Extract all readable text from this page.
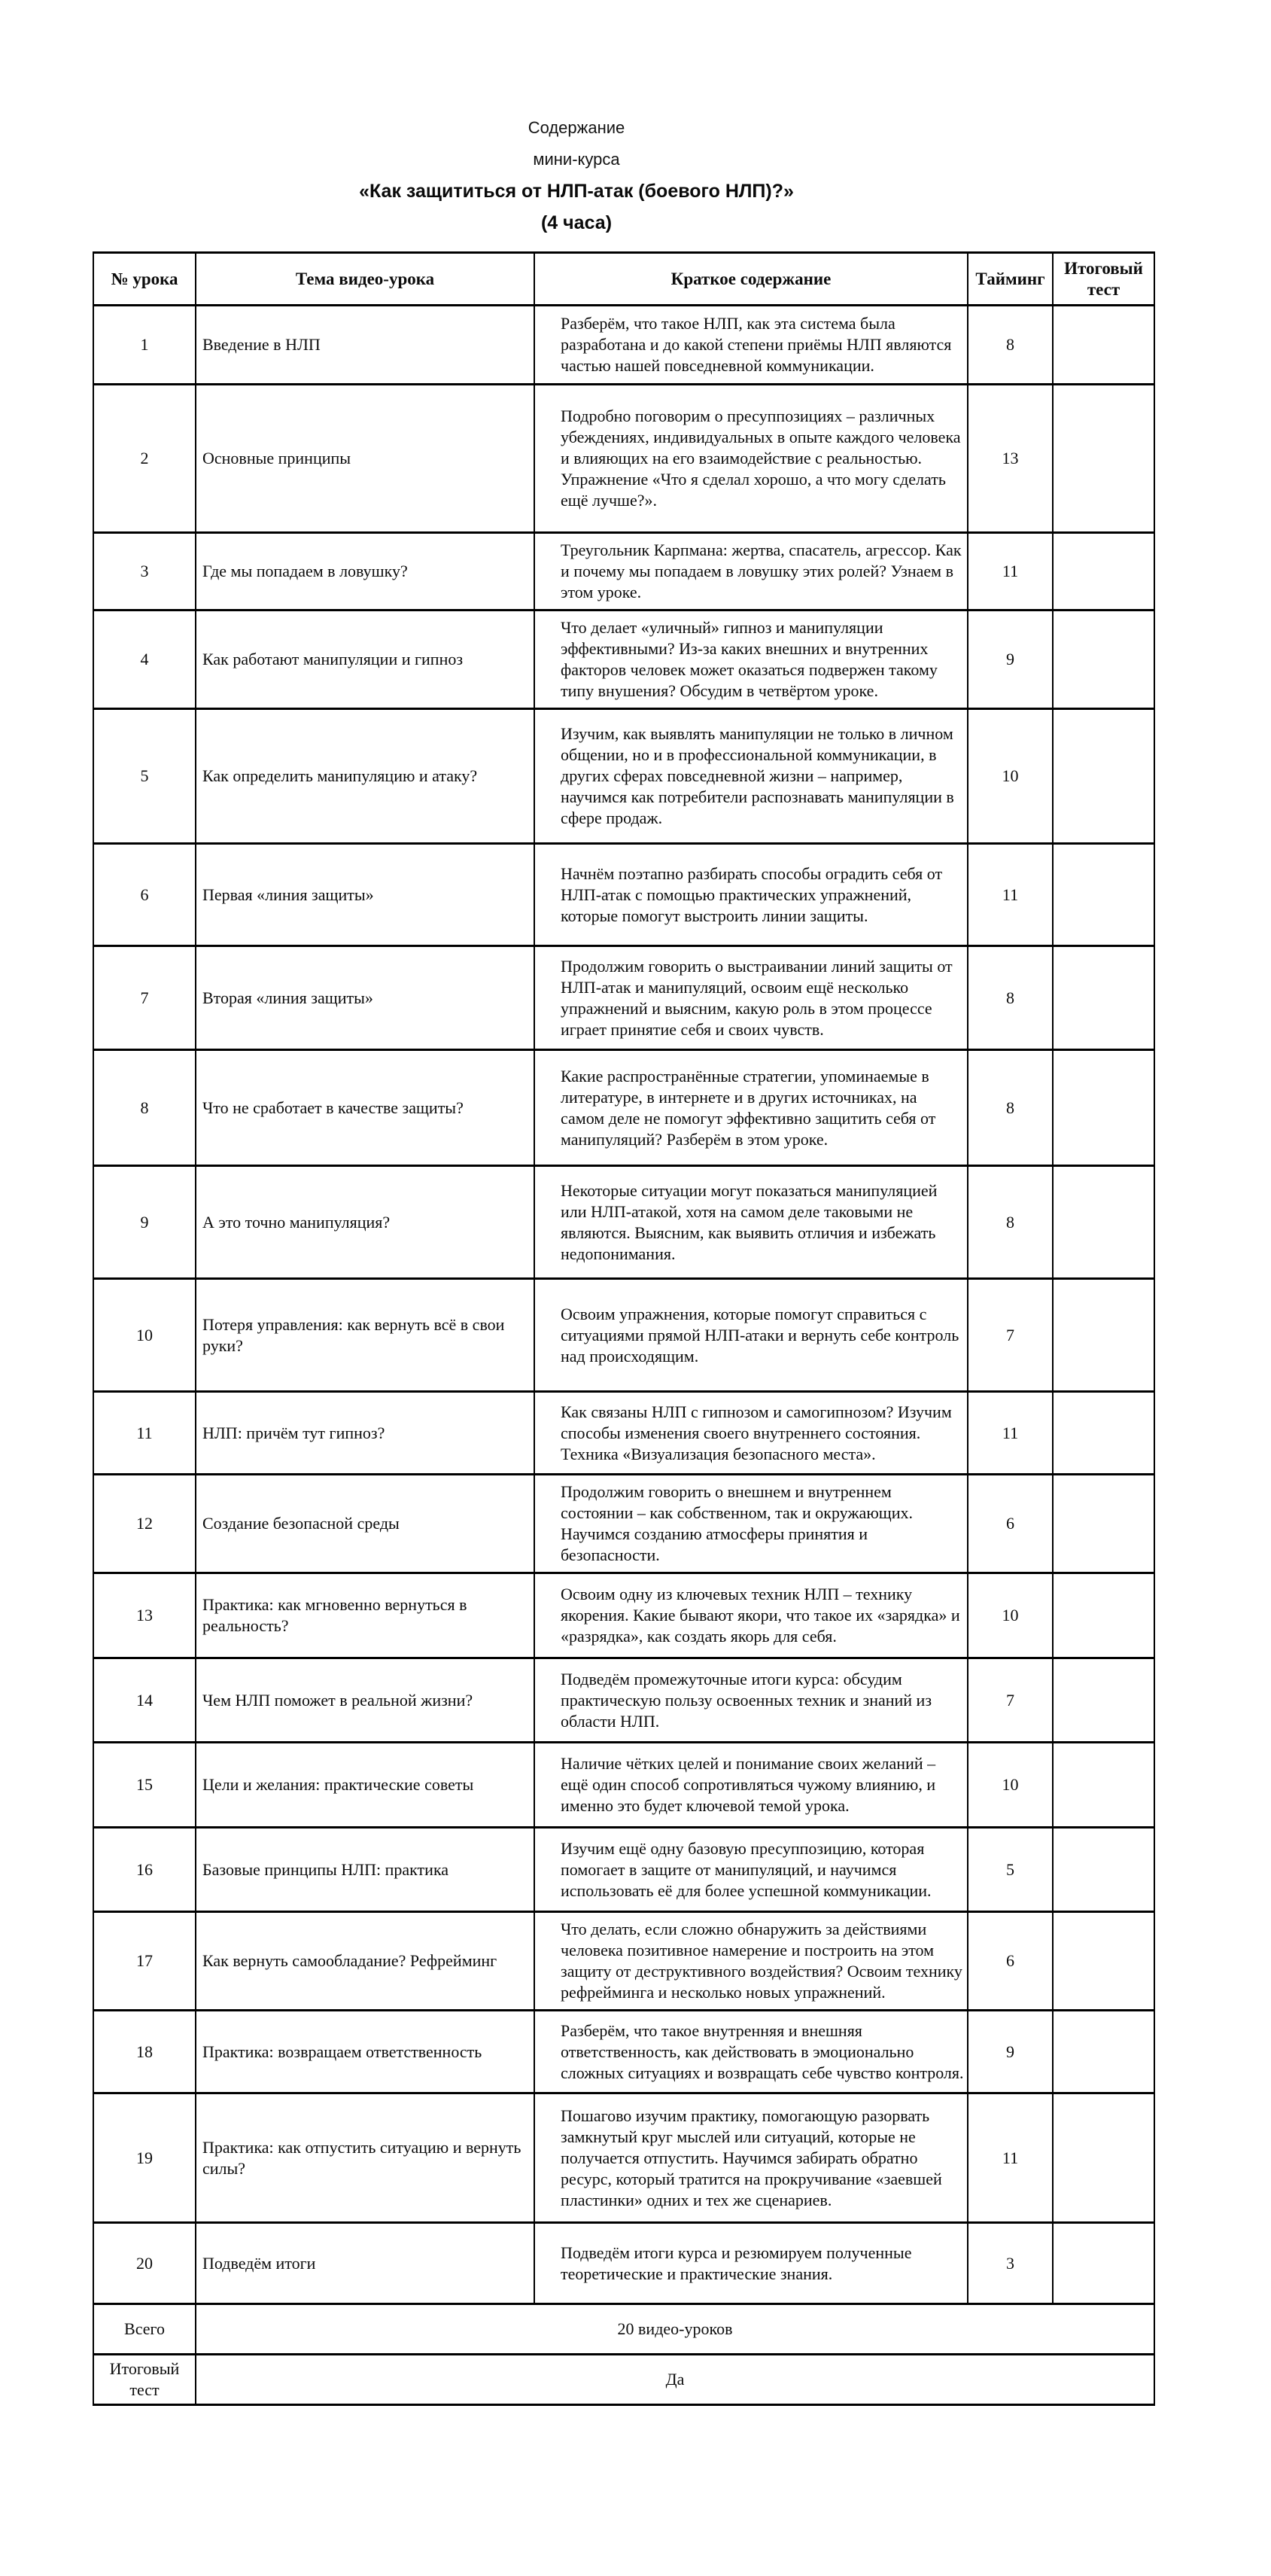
Содержание
мини-курса
«Как защититься от НЛП-атак (боевого НЛП)?»
(4 часа)
№ урока	Тема видео-урока	Краткое содержание	Тайминг	Итоговый тест
1	Введение в НЛП	Разберём, что такое НЛП, как эта система была разработана и до какой степени приёмы НЛП являются частью нашей повседневной коммуникации.	8	
2	Основные принципы	Подробно поговорим о пресуппозициях – различных убеждениях, индивидуальных в опыте каждого человека и влияющих на его взаимодействие с реальностью. Упражнение «Что я сделал хорошо, а что могу сделать ещё лучше?».	13	
3	Где мы попадаем в ловушку?	Треугольник Карпмана: жертва, спасатель, агрессор. Как и почему мы попадаем в ловушку этих ролей? Узнаем в этом уроке.	11	
4	Как работают манипуляции и гипноз	Что делает «уличный» гипноз и манипуляции эффективными? Из-за каких внешних и внутренних факторов человек может оказаться подвержен такому типу внушения? Обсудим в четвёртом уроке.	9	
5	Как определить манипуляцию и атаку?	Изучим, как выявлять манипуляции не только в личном общении, но и в профессиональной коммуникации, в других сферах повседневной жизни – например, научимся как потребители распознавать манипуляции в сфере продаж.	10	
6	Первая «линия защиты»	Начнём поэтапно разбирать способы оградить себя от НЛП-атак с помощью практических упражнений, которые помогут выстроить линии защиты.	11	
7	Вторая «линия защиты»	Продолжим говорить о выстраивании линий защиты от НЛП-атак и манипуляций, освоим ещё несколько упражнений и выясним, какую роль в этом процессе играет принятие себя и своих чувств.	8	
8	Что не сработает в качестве защиты?	Какие распространённые стратегии, упоминаемые в литературе, в интернете и в других источниках, на самом деле не помогут эффективно защитить себя от манипуляций? Разберём в этом уроке.	8	
9	А это точно манипуляция?	Некоторые ситуации могут показаться манипуляцией или НЛП-атакой, хотя на самом деле таковыми не являются. Выясним, как выявить отличия и избежать недопонимания.	8	
10	Потеря управления: как вернуть всё в свои руки?	Освоим упражнения, которые помогут справиться с ситуациями прямой НЛП-атаки и вернуть себе контроль над происходящим.	7	
11	НЛП: причём тут гипноз?	Как связаны НЛП с гипнозом и самогипнозом? Изучим способы изменения своего внутреннего состояния. Техника «Визуализация безопасного места».	11	
12	Создание безопасной среды	Продолжим говорить о внешнем и внутреннем состоянии – как собственном, так и окружающих. Научимся созданию атмосферы принятия и безопасности.	6	
13	Практика: как мгновенно вернуться в реальность?	Освоим одну из ключевых техник НЛП – технику якорения. Какие бывают якори, что такое их «зарядка» и «разрядка», как создать якорь для себя.	10	
14	Чем НЛП поможет в реальной жизни?	Подведём промежуточные итоги курса: обсудим практическую пользу освоенных техник и знаний из области НЛП.	7	
15	Цели и желания: практические советы	Наличие чётких целей и понимание своих желаний – ещё один способ сопротивляться чужому влиянию, и именно это будет ключевой темой урока.	10	
16	Базовые принципы НЛП: практика	Изучим ещё одну базовую пресуппозицию, которая помогает в защите от манипуляций, и научимся использовать её для более успешной коммуникации.	5	
17	Как вернуть самообладание? Рефрейминг	Что делать, если сложно обнаружить за действиями человека позитивное намерение и построить на этом защиту от деструктивного воздействия? Освоим технику рефрейминга и несколько новых упражнений.	6	
18	Практика: возвращаем ответственность	Разберём, что такое внутренняя и внешняя ответственность, как действовать в эмоционально сложных ситуациях и возвращать себе чувство контроля.	9	
19	Практика: как отпустить ситуацию и вернуть силы?	Пошагово изучим практику, помогающую разорвать замкнутый круг мыслей или ситуаций, которые не получается отпустить. Научимся забирать обратно ресурс, который тратится на прокручивание «заевшей пластинки» одних и тех же сценариев.	11	
20	Подведём итоги	Подведём итоги курса и резюмируем полученные теоретические и практические знания.	3	
Всего	20 видео-уроков			
Итоговый тест	Да			
